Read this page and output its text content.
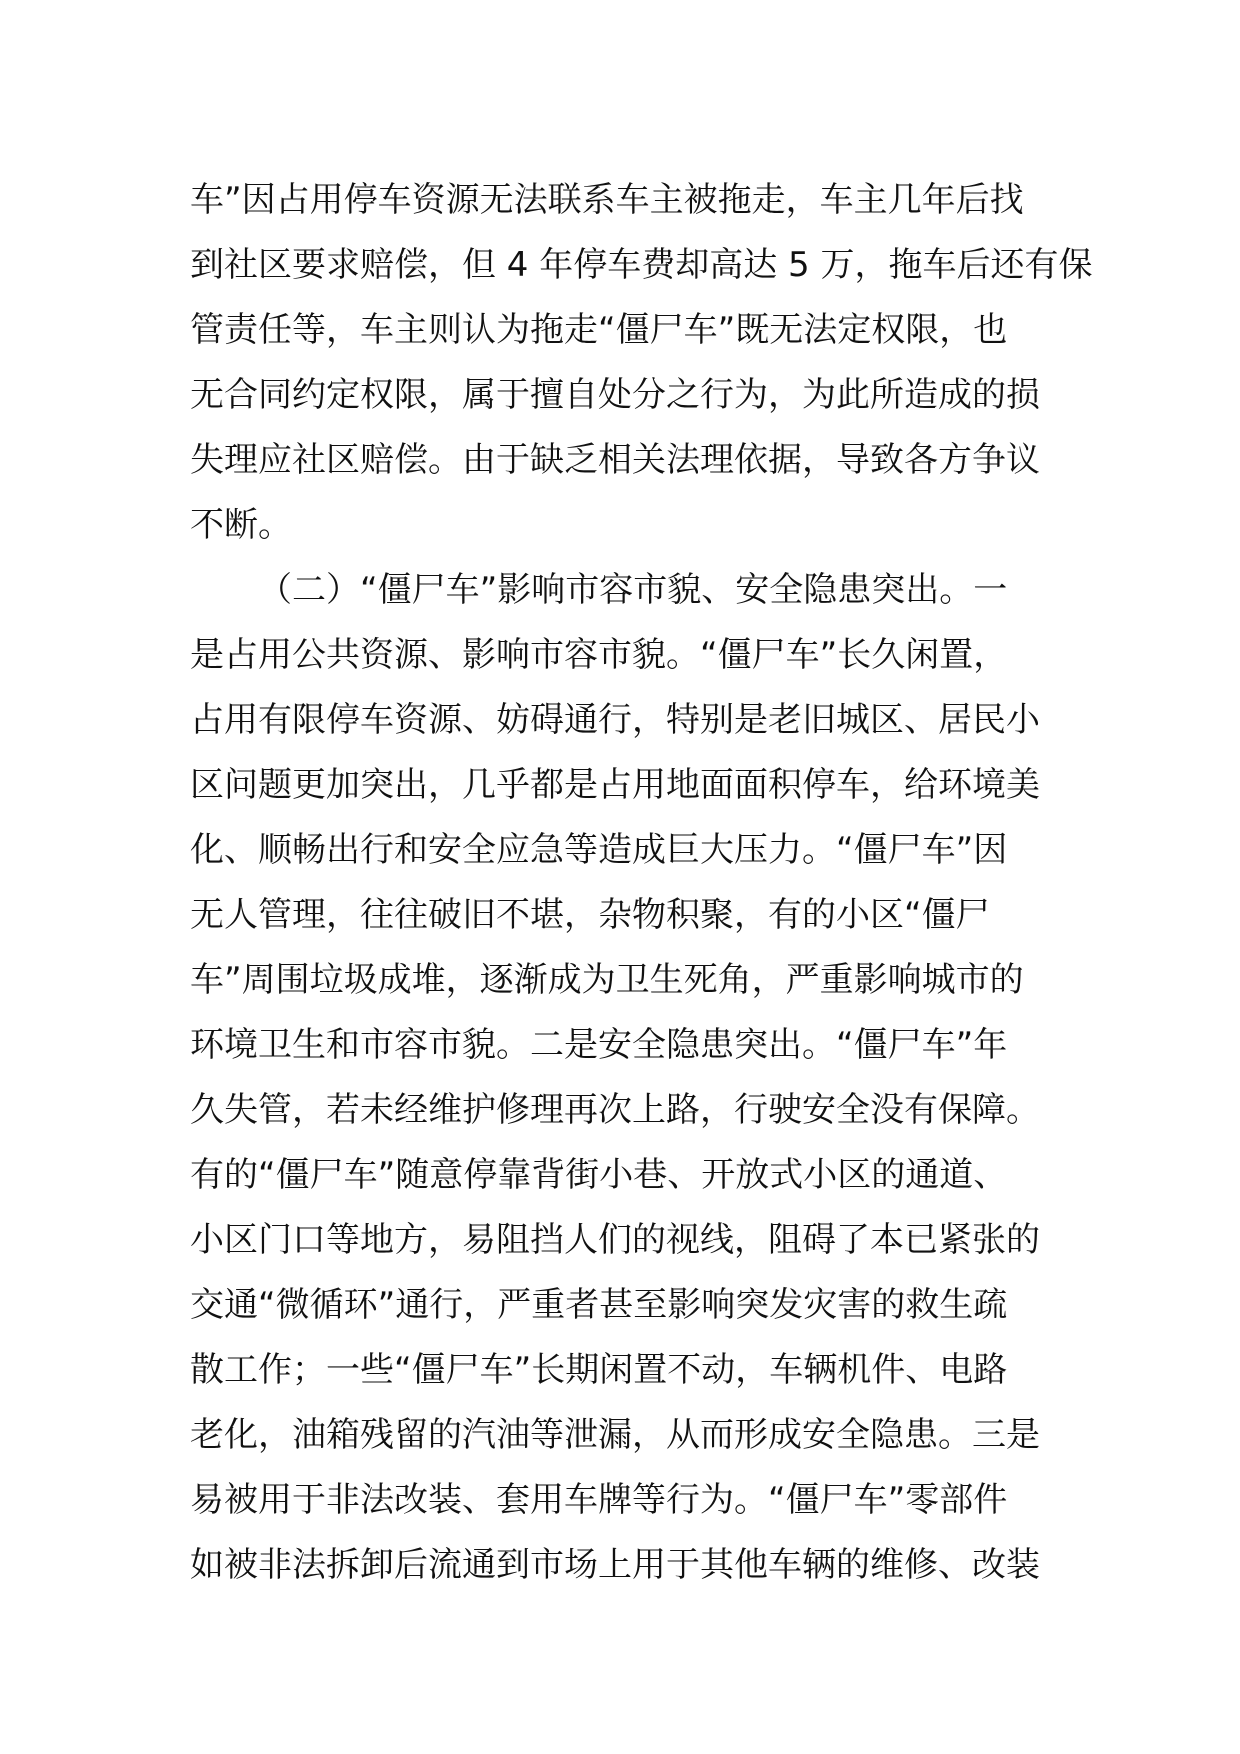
车”因占用停车资源无法联系车主被拖走，车主几年后找
到社区要求赔偿，但 4 年停车费却高达 5 万，拖车后还有保
管责任等，车主则认为拖走“僵尸车”既无法定权限，也
无合同约定权限，属于擅自处分之行为，为此所造成的损
失理应社区赔偿。由于缺乏相关法理依据，导致各方争议
不断。
（二）“僵尸车”影响市容市貌、安全隐患突出。一
是占用公共资源、影响市容市貌。“僵尸车”长久闲置，
占用有限停车资源、妨碍通行，特别是老旧城区、居民小
区问题更加突出，几乎都是占用地面面积停车，给环境美
化、顺畅出行和安全应急等造成巨大压力。“僵尸车”因
无人管理，往往破旧不堪，杂物积聚，有的小区“僵尸
车”周围垃圾成堆，逐渐成为卫生死角，严重影响城市的
环境卫生和市容市貌。二是安全隐患突出。“僵尸车”年
久失管，若未经维护修理再次上路，行驶安全没有保障。
有的“僵尸车”随意停靠背街小巷、开放式小区的通道、
小区门口等地方，易阻挡人们的视线，阻碍了本已紧张的
交通“微循环”通行，严重者甚至影响突发灾害的救生疏
散工作；一些“僵尸车”长期闲置不动，车辆机件、电路
老化，油箱残留的汽油等泄漏，从而形成安全隐患。三是
易被用于非法改装、套用车牌等行为。“僵尸车”零部件
如被非法拆卸后流通到市场上用于其他车辆的维修、改装
